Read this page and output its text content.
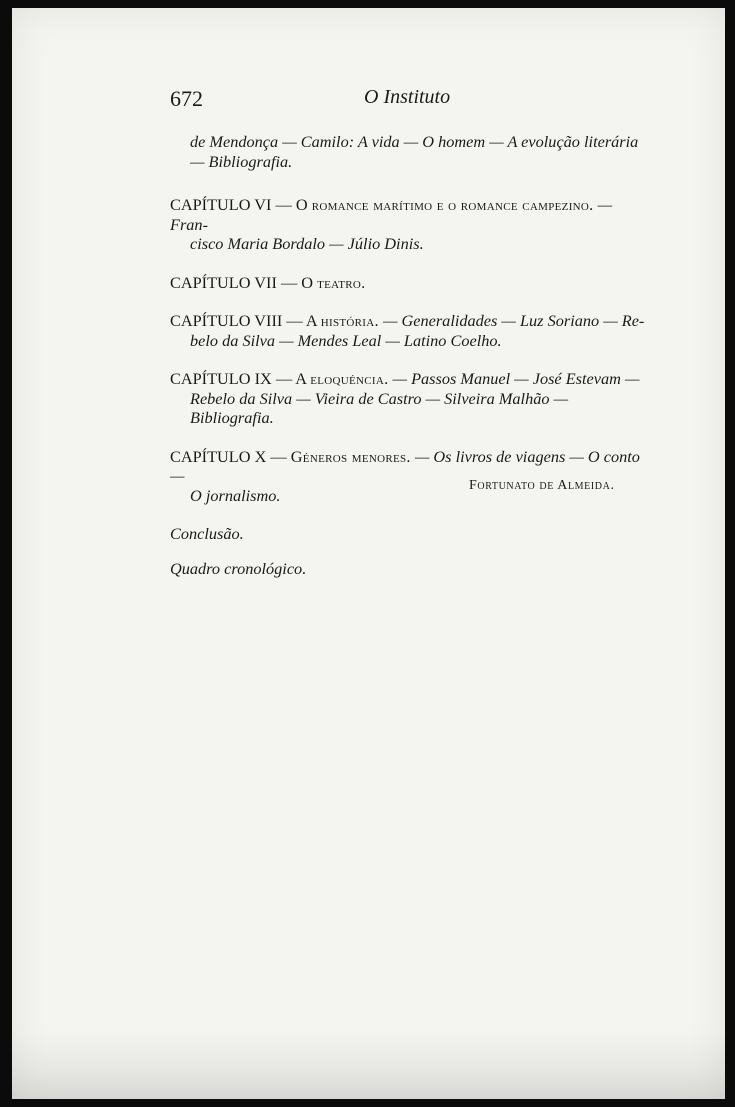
672	O Instituto

de Mendonça — Camilo: A vida — O homem — A evolução literária
— Bibliografia.

CAPÍTULO VI — O romance marítimo e o romance campezino. — Fran-
cisco Maria Bordalo — Júlio Dinis.

CAPÍTULO VII — O teatro.

CAPÍTULO VIII — A história. — Generalidades — Luz Soriano — Re-
belo da Silva — Mendes Leal — Latino Coelho.

CAPÍTULO IX — A eloquéncia. — Passos Manuel — José Estevam —
Rebelo da Silva — Vieira de Castro — Silveira Malhão — Bibliografia.

CAPÍTULO X — Géneros menores. — Os livros de viagens — O conto —
O jornalismo.

Conclusão.

Quadro cronológico.

Fortunato de Almeida.
